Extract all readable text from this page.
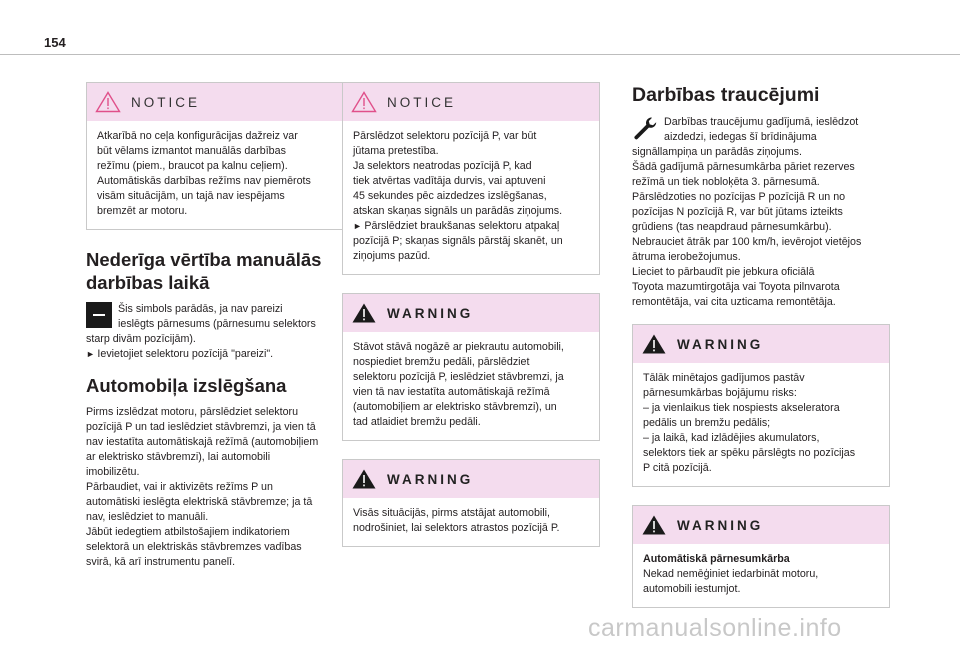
154
NOTICE

Atkarībā no ceļa konfigurācijas dažreiz var

būt vēlams izmantot manuālās darbības

režīmu (piem., braucot pa kalnu ceļiem).

Automātiskās darbības režīms nav piemērots

visām situācijām, un tajā nav iespējams

bremzēt ar motoru.

Nederīga vērtība manuālās
darbības laikā
Šis simbols parādās, ja nav pareizi
ieslēgts pārnesums (pārnesumu selektors
starp divām pozīcijām).
► Ievietojiet selektoru pozīcijā "pareizi".
Automobiļa izslēgšana
Pirms izslēdzat motoru, pārslēdziet selektoru
pozīcijā P un tad ieslēdziet stāvbremzi, ja vien tā
nav iestatīta automātiskajā režīmā (automobiļiem
ar elektrisko stāvbremzi), lai automobili
imobilizētu.
Pārbaudiet, vai ir aktivizēts režīms P un
automātiski ieslēgta elektriskā stāvbremze; ja tā
nav, ieslēdziet to manuāli.
Jābūt iedegtiem atbilstošajiem indikatoriem
selektorā un elektriskās stāvbremzes vadības
svirā, kā arī instrumentu panelī.
NOTICE

Pārslēdzot selektoru pozīcijā P, var būt

jūtama pretestība.

Ja selektors neatrodas pozīcijā P, kad

tiek atvērtas vadītāja durvis, vai aptuveni

45 sekundes pēc aizdedzes izslēgšanas,

atskan skaņas signāls un parādās ziņojums.

► Pārslēdziet braukšanas selektoru atpakaļ

pozīcijā P; skaņas signāls pārstāj skanēt, un

ziņojums pazūd.

WARNING

Stāvot stāvā nogāzē ar piekrautu automobili,

nospiediet bremžu pedāli, pārslēdziet

selektoru pozīcijā P, ieslēdziet stāvbremzi, ja

vien tā nav iestatīta automātiskajā režīmā

(automobiļiem ar elektrisko stāvbremzi), un

tad atlaidiet bremžu pedāli.

WARNING

Visās situācijās, pirms atstājat automobili,

nodrošiniet, lai selektors atrastos pozīcijā P.

Darbības traucējumi
Darbības traucējumu gadījumā, ieslēdzot
aizdedzi, iedegas šī brīdinājuma
signāllampiņa un parādās ziņojums.
Šādā gadījumā pārnesumkārba pāriet rezerves
režīmā un tiek nobloķēta 3. pārnesumā.
Pārslēdzoties no pozīcijas P pozīcijā R un no
pozīcijas N pozīcijā R, var būt jūtams izteikts
grūdiens (tas neapdraud pārnesumkārbu).
Nebrauciet ātrāk par 100 km/h, ievērojot vietējos
ātruma ierobežojumus.
Lieciet to pārbaudīt pie jebkura oficiālā
Toyota mazumtirgotāja vai Toyota pilnvarota
remontētāja, vai cita uzticama remontētāja.
WARNING

Tālāk minētajos gadījumos pastāv

pārnesumkārbas bojājumu risks:

– ja vienlaikus tiek nospiests akseleratora

pedālis un bremžu pedālis;

– ja laikā, kad izlādējies akumulators,

selektors tiek ar spēku pārslēgts no pozīcijas

P citā pozīcijā.

WARNING

Automātiskā pārnesumkārba

Nekad nemēģiniet iedarbināt motoru,

automobili iestumjot.

carmanualsonline.info
